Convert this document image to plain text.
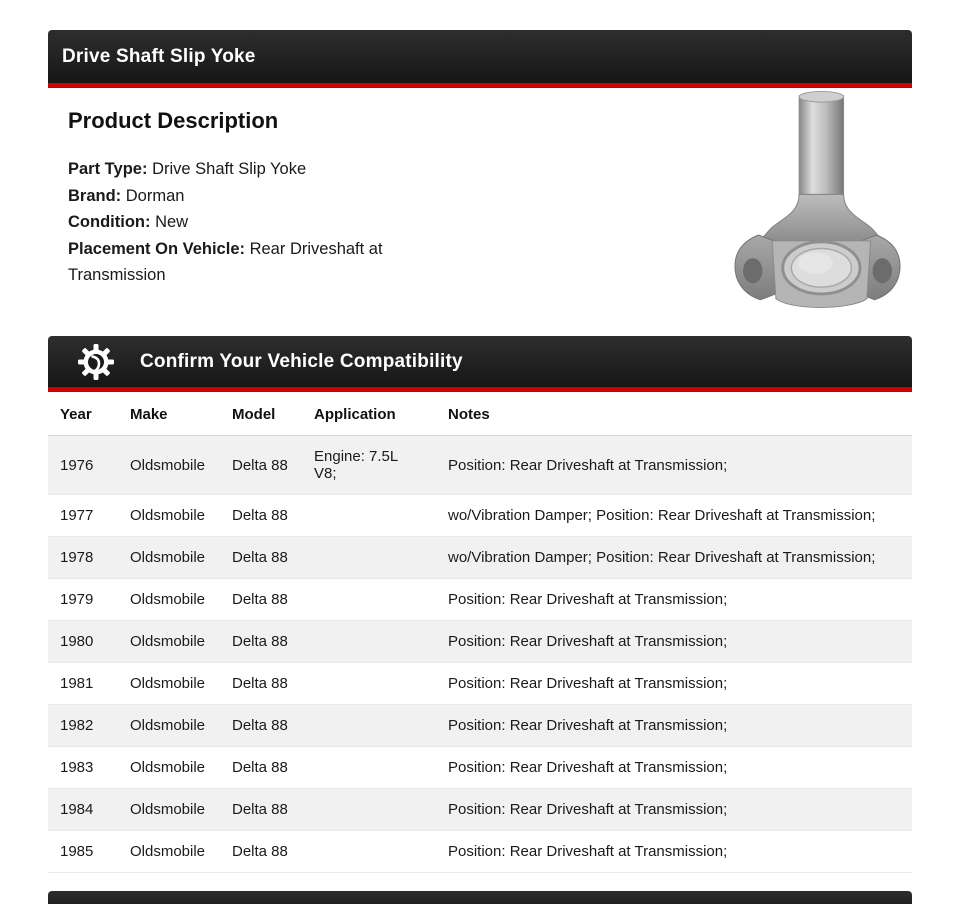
Drive Shaft Slip Yoke
Product Description

Part Type: Drive Shaft Slip Yoke

Brand: Dorman

Condition: New

Placement On Vehicle: Rear Driveshaft at Transmission

Confirm Your Vehicle Compatibility
Year	Make	Model	Application	Notes
1976	Oldsmobile	Delta 88	Engine: 7.5L V8;	Position: Rear Driveshaft at Transmission;
1977	Oldsmobile	Delta 88		wo/Vibration Damper; Position: Rear Driveshaft at Transmission;
1978	Oldsmobile	Delta 88		wo/Vibration Damper; Position: Rear Driveshaft at Transmission;
1979	Oldsmobile	Delta 88		Position: Rear Driveshaft at Transmission;
1980	Oldsmobile	Delta 88		Position: Rear Driveshaft at Transmission;
1981	Oldsmobile	Delta 88		Position: Rear Driveshaft at Transmission;
1982	Oldsmobile	Delta 88		Position: Rear Driveshaft at Transmission;
1983	Oldsmobile	Delta 88		Position: Rear Driveshaft at Transmission;
1984	Oldsmobile	Delta 88		Position: Rear Driveshaft at Transmission;
1985	Oldsmobile	Delta 88		Position: Rear Driveshaft at Transmission;
